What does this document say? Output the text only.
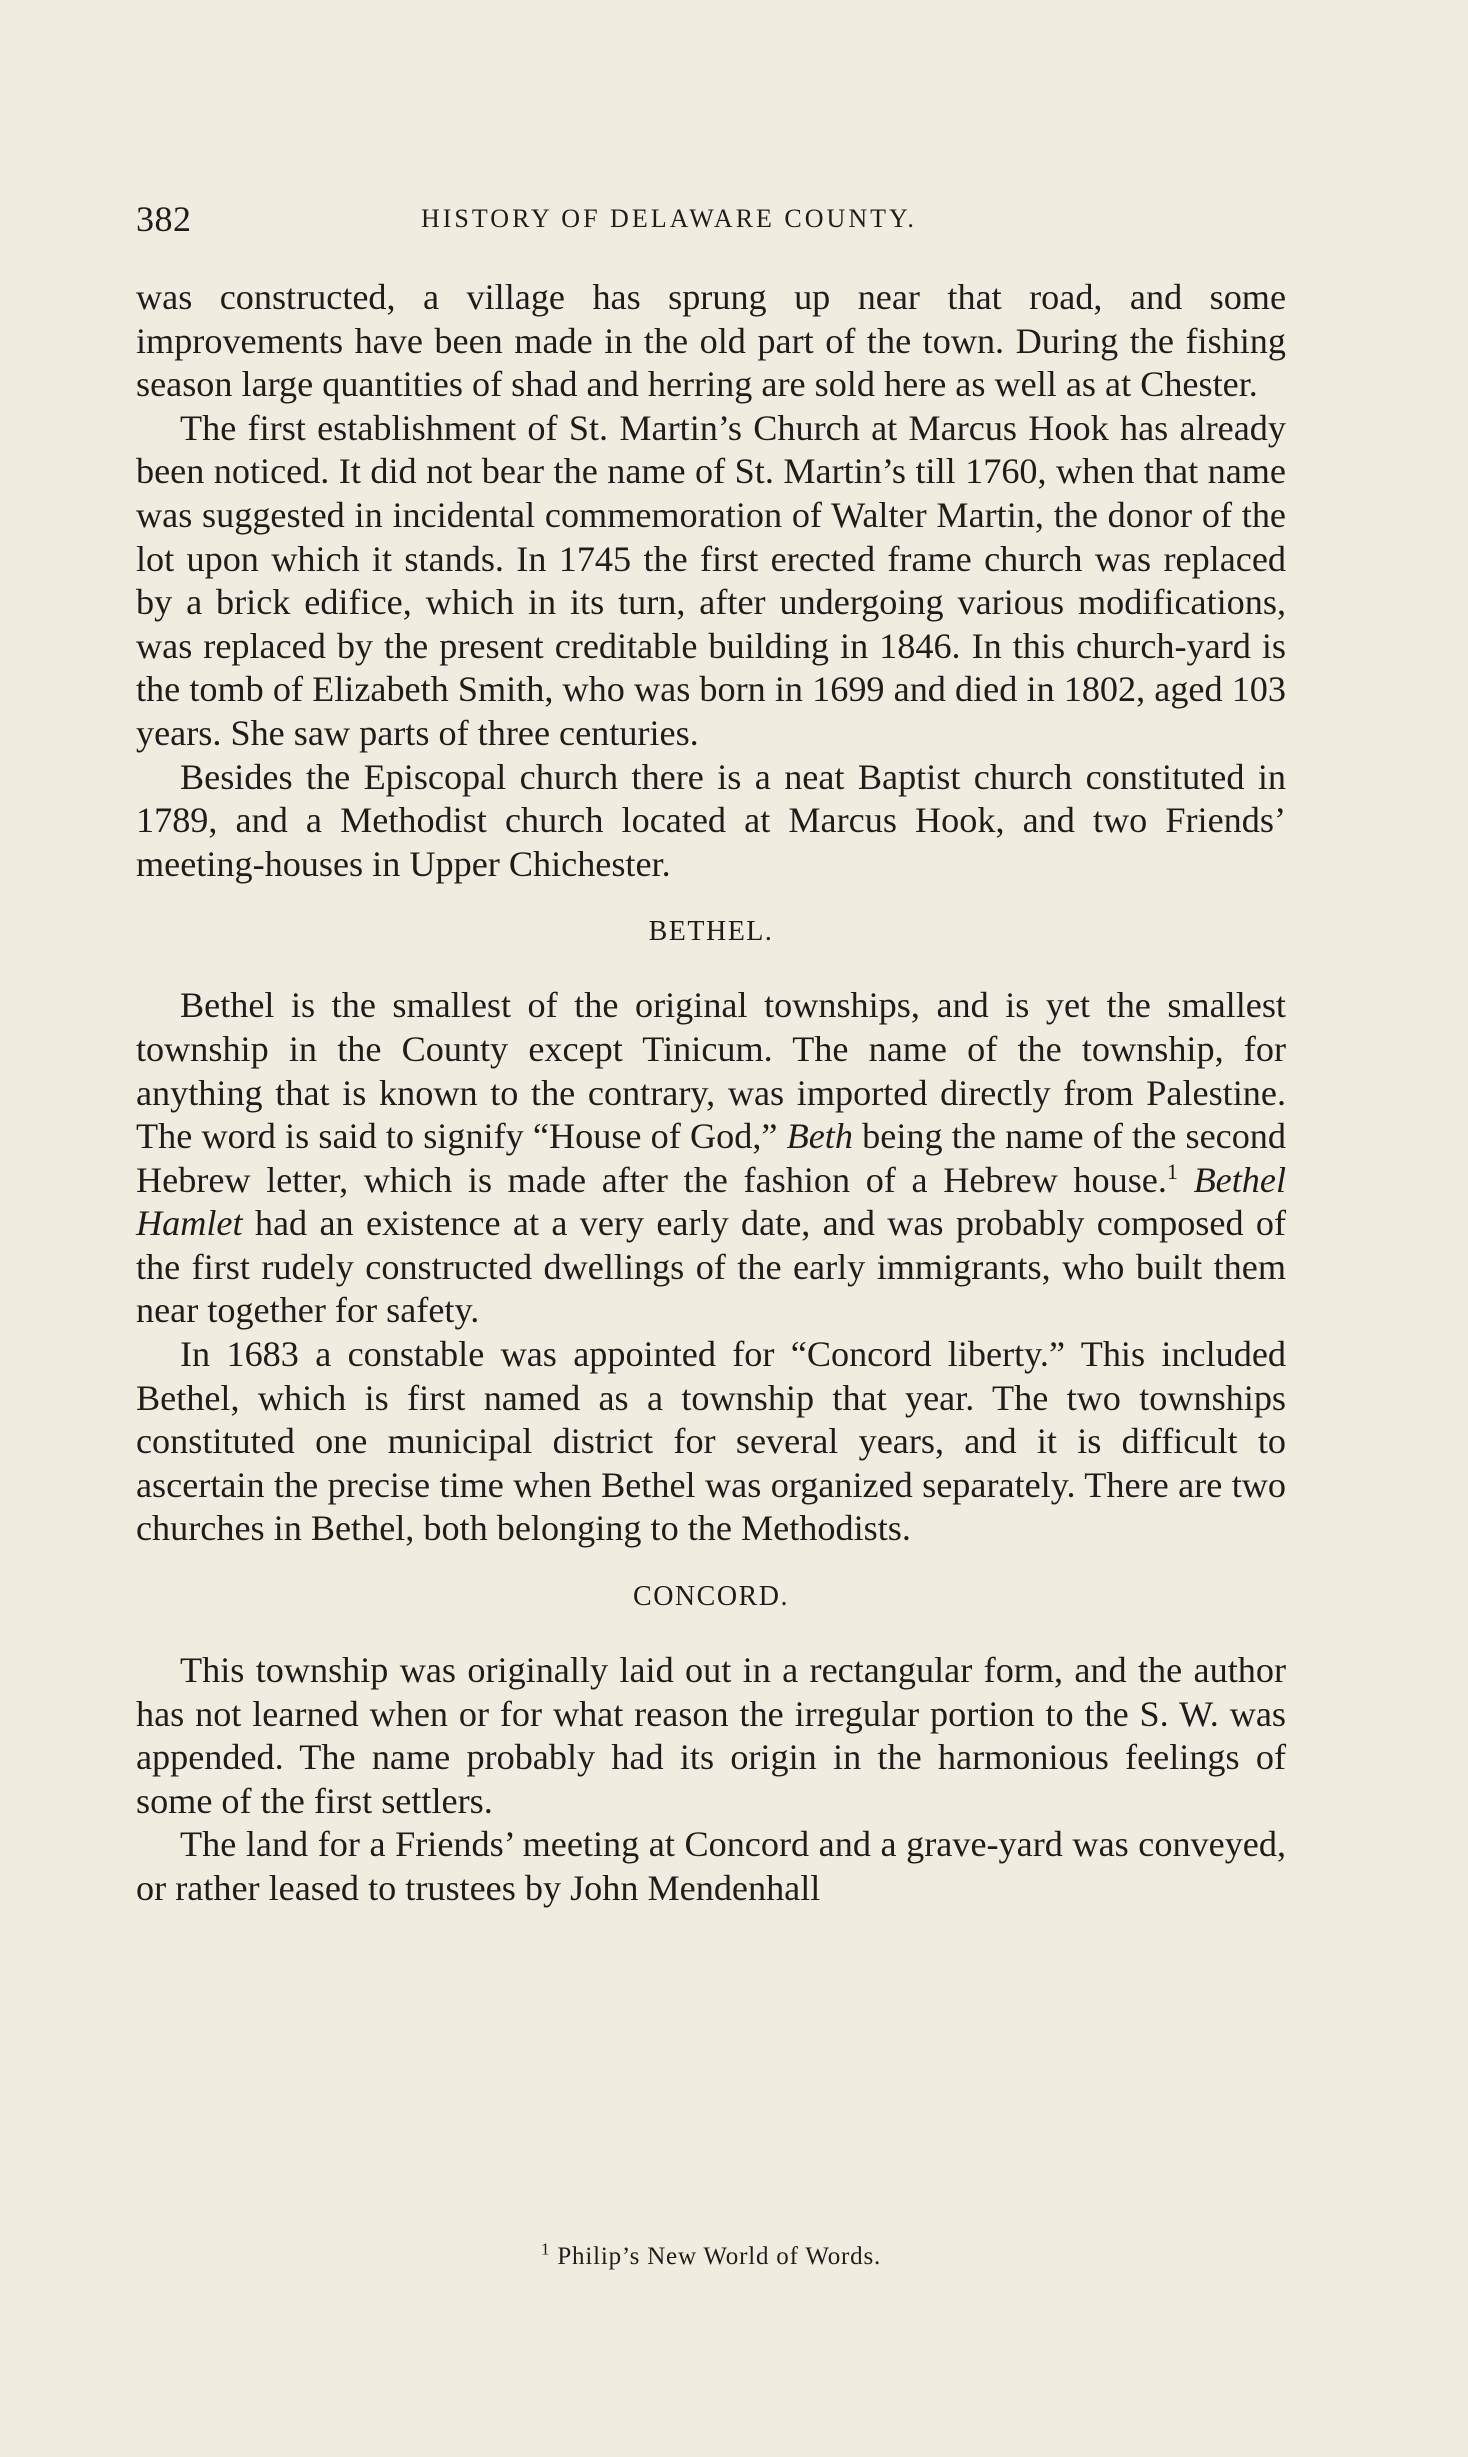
382	HISTORY OF DELAWARE COUNTY.

was constructed, a village has sprung up near that road, and some improvements have been made in the old part of the town. During the fishing season large quantities of shad and herring are sold here as well as at Chester.

The first establishment of St. Martin’s Church at Marcus Hook has already been noticed. It did not bear the name of St. Martin’s till 1760, when that name was suggested in incidental commemoration of Walter Martin, the donor of the lot upon which it stands. In 1745 the first erected frame church was replaced by a brick edifice, which in its turn, after undergoing various modifications, was replaced by the present creditable building in 1846. In this church-yard is the tomb of Elizabeth Smith, who was born in 1699 and died in 1802, aged 103 years. She saw parts of three centuries.

Besides the Episcopal church there is a neat Baptist church constituted in 1789, and a Methodist church located at Marcus Hook, and two Friends’ meeting-houses in Upper Chichester.

BETHEL.

Bethel is the smallest of the original townships, and is yet the smallest township in the County except Tinicum. The name of the township, for anything that is known to the contrary, was imported directly from Palestine. The word is said to signify “House of God,” Beth being the name of the second Hebrew letter, which is made after the fashion of a Hebrew house.$^1$ Bethel Hamlet had an existence at a very early date, and was probably composed of the first rudely constructed dwellings of the early immigrants, who built them near together for safety.

In 1683 a constable was appointed for “Concord liberty.” This included Bethel, which is first named as a township that year. The two townships constituted one municipal district for several years, and it is difficult to ascertain the precise time when Bethel was organized separately. There are two churches in Bethel, both belonging to the Methodists.

CONCORD.

This township was originally laid out in a rectangular form, and the author has not learned when or for what reason the irregular portion to the S. W. was appended. The name probably had its origin in the harmonious feelings of some of the first settlers.

The land for a Friends’ meeting at Concord and a grave-yard was conveyed, or rather leased to trustees by John Mendenhall

$^1$ Philip’s New World of Words.
